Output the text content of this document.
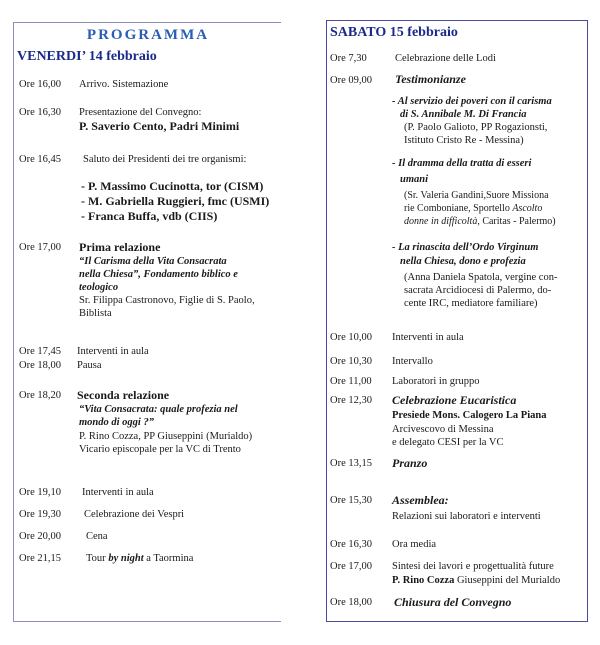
PROGRAMMA
VENERDI’ 14 febbraio
Ore 16,00 Arrivo. Sistemazione
Ore 16,30 Presentazione del Convegno:
P. Saverio Cento, Padri Minimi
Ore 16,45 Saluto dei Presidenti dei tre organismi:
- P. Massimo Cucinotta, tor (CISM)
- M. Gabriella Ruggieri, fmc (USMI)
- Franca Buffa, vdb (CIIS)
Ore 17,00 Prima relazione
“Il Carisma della Vita Consacrata
nella Chiesa”, Fondamento biblico e
teologico
Sr. Filippa Castronovo, Figlie di S. Paolo,
Biblista
Ore 17,45 Interventi in aula
Ore 18,00 Pausa
Ore 18,20 Seconda relazione
“Vita Consacrata: quale profezia nel
mondo di oggi ?”
P. Rino Cozza, PP Giuseppini (Murialdo)
Vicario episcopale per la VC di Trento
Ore 19,10 Interventi in aula
Ore 19,30 Celebrazione dei Vespri
Ore 20,00 Cena
Ore 21,15 Tour by night a Taormina
SABATO 15 febbraio
Ore 7,30	Celebrazione delle Lodi
Ore 09,00 Testimonianze
- Al servizio dei poveri con il carisma
di S. Annibale M. Di Francia
(P. Paolo Galioto, PP Rogazionsti,
Istituto Cristo Re - Messina)
- Il dramma della tratta di esseri
umani
(Sr. Valeria Gandini,Suore Missiona
rie Comboniane, Sportello Ascolto
donne in difficoltà, Caritas - Palermo)
- La rinascita dell’Ordo Virginum
nella Chiesa, dono e profezia
(Anna Daniela Spatola, vergine con-
sacrata Arcidiocesi di Palermo, do-
cente IRC, mediatore familiare)
Ore 10,00 Interventi in aula
Ore 10,30 Intervallo
Ore 11,00 Laboratori in gruppo
Ore 12,30 Celebrazione Eucaristica
Presiede Mons. Calogero La Piana
Arcivescovo di Messina
e delegato CESI per la VC
Ore 13,15 Pranzo
Ore 15,30 Assemblea:
Relazioni sui laboratori e interventi
Ore 16,30 Ora media
Ore 17,00 Sintesi dei lavori e progettualità future
P. Rino Cozza Giuseppini del Murialdo
Ore 18,00 Chiusura del Convegno
